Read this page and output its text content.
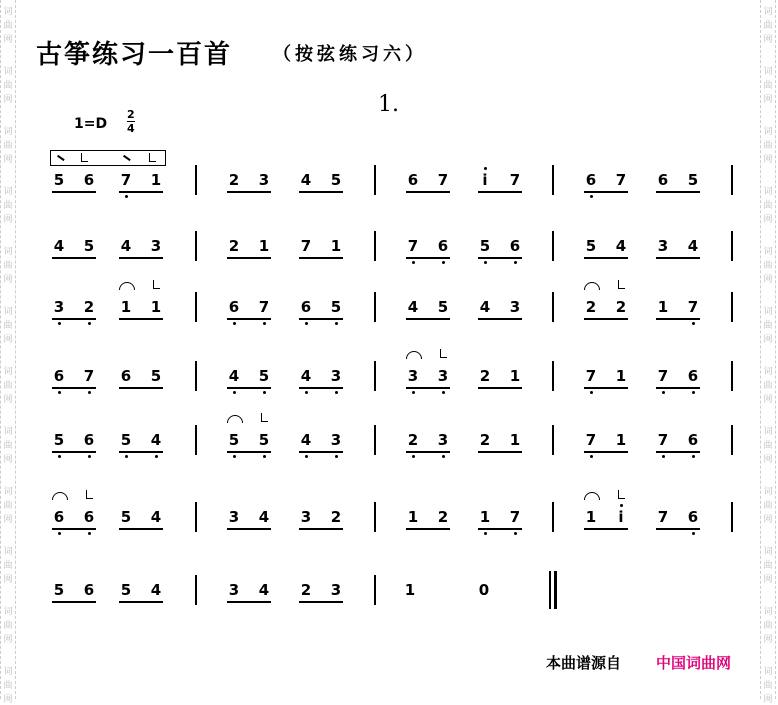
词
曲
网
词
曲
网
词
曲
网
词
曲
网
词
曲
网
词
曲
网
词
曲
网
词
曲
网
词
曲
网
词
曲
网
词
曲
网
词
曲
网
词
曲
网
词
曲
网
词
曲
网
词
曲
网
词
曲
网
词
曲
网
词
曲
网
词
曲
网
词
曲
网
词
曲
网
词
曲
网
词
曲
网
古筝练习一百首 （按弦练习六）
1.
1=D
2
4
5 6 7 1	2 3 4 5	6 7 i 7	6 7 6 5
4 5 4 3	2 1 7 1	7 6 5 6	5 4 3 4
3 2 1 1	6 7 6 5	4 5 4 3	2 2 1 7
6 7 6 5	4 5 4 3	3 3 2 1	7 1 7 6
5 6 5 4	5 5 4 3	2 3 2 1	7 1 7 6
6 6 5 4	3 4 3 2	1 2 1 7	1 i 7 6
5 6 5 4	3 4 2 3	1	0
本曲谱源自 中国词曲网
